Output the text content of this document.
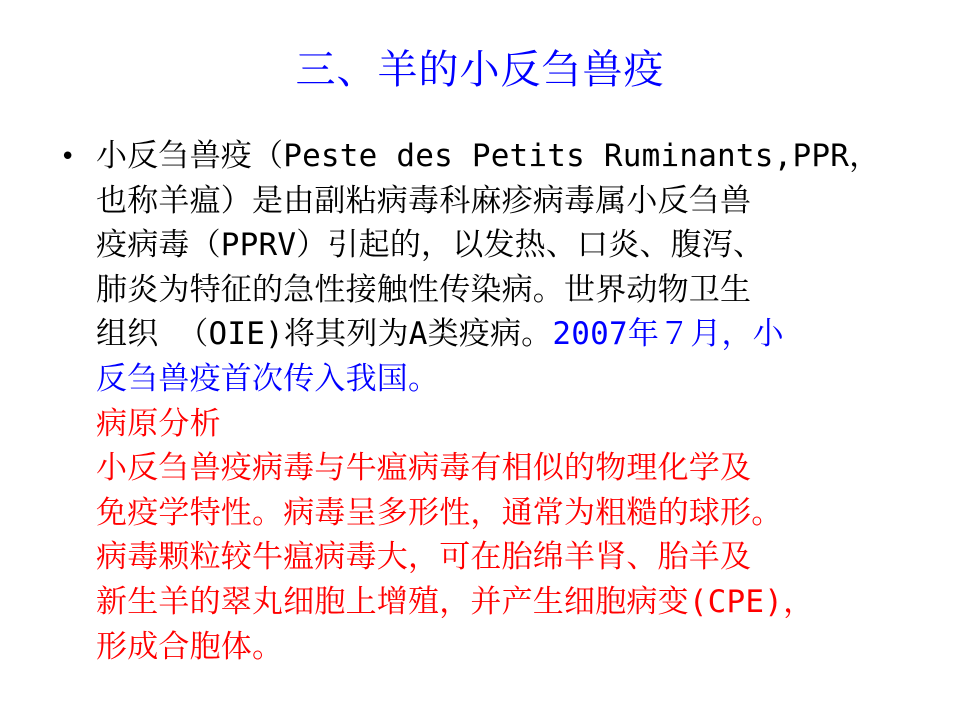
三、羊的小反刍兽疫
• 小反刍兽疫（Peste des Petits Ruminants,PPR，
也称羊瘟）是由副粘病毒科麻疹病毒属小反刍兽
疫病毒（PPRV）引起的，以发热、口炎、腹泻、
肺炎为特征的急性接触性传染病。世界动物卫生
组织 （OIE)将其列为A类疫病。2007年７月，小
反刍兽疫首次传入我国。
病原分析
小反刍兽疫病毒与牛瘟病毒有相似的物理化学及
免疫学特性。病毒呈多形性，通常为粗糙的球形。
病毒颗粒较牛瘟病毒大，可在胎绵羊肾、胎羊及
新生羊的翠丸细胞上增殖，并产生细胞病变(CPE)，
形成合胞体。
